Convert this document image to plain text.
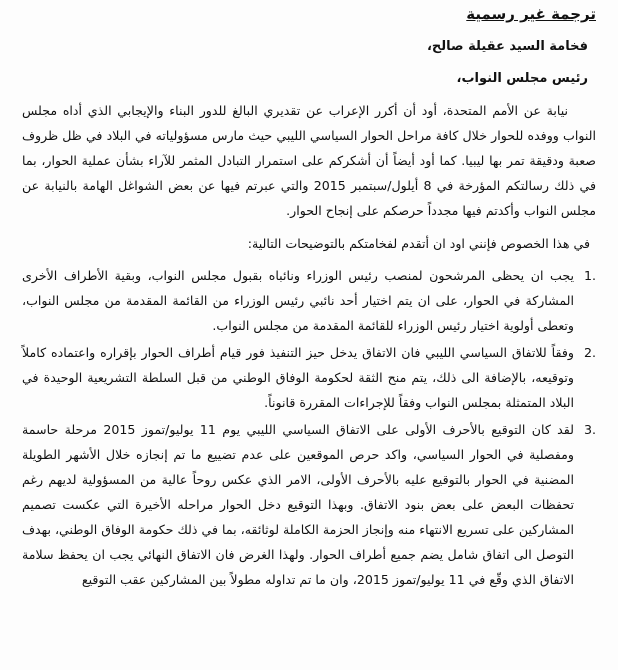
ترجمة غير رسمية
فخامة السيد عقيلة صالح،
رئيس مجلس النواب،

نيابة عن الأمم المتحدة، أود أن أكرر الإعراب عن تقديري البالغ للدور البناء والإيجابي الذي أداه مجلس النواب ووفده للحوار خلال كافة مراحل الحوار السياسي الليبي حيث مارس مسؤولياته في البلاد في ظل ظروف صعبة ودقيقة تمر بها ليبيا. كما أود أيضاً أن أشكركم على استمرار التبادل المثمر للآراء بشأن عملية الحوار، بما في ذلك رسالتكم المؤرخة في 8 أيلول/سبتمبر 2015 والتي عبرتم فيها عن بعض الشواغل الهامة بالنيابة عن مجلس النواب وأكدتم فيها مجدداً حرصكم على إنجاح الحوار.

في هذا الخصوص فإنني اود ان أتقدم لفخامتكم بالتوضيحات التالية:

1.
يجب ان يحظى المرشحون لمنصب رئيس الوزراء ونائباه بقبول مجلس النواب، وبقية الأطراف الأخرى المشاركة في الحوار، على ان يتم اختيار أحد نائبي رئيس الوزراء من القائمة المقدمة من مجلس النواب، وتعطى أولوية اختيار رئيس الوزراء للقائمة المقدمة من مجلس النواب.
2.
وفقاً للاتفاق السياسي الليبي فان الاتفاق يدخل حيز التنفيذ فور قيام أطراف الحوار بإقراره واعتماده كاملاً وتوقيعه، بالإضافة الى ذلك، يتم منح الثقة لحكومة الوفاق الوطني من قبل السلطة التشريعية الوحيدة في البلاد المتمثلة بمجلس النواب وفقاً للإجراءات المقررة قانوناً.
3.
لقد كان التوقيع بالأحرف الأولى على الاتفاق السياسي الليبي يوم 11 يوليو/تموز 2015 مرحلة حاسمة ومفصلية في الحوار السياسي، واكد حرص الموقعين على عدم تضييع ما تم إنجازه خلال الأشهر الطويلة المضنية في الحوار بالتوقيع عليه بالأحرف الأولى، الامر الذي عكس روحاً عالية من المسؤولية لديهم رغم تحفظات البعض على بعض بنود الاتفاق. وبهذا التوقيع دخل الحوار مراحله الأخيرة التي عكست تصميم المشاركين على تسريع الانتهاء منه وإنجاز الحزمة الكاملة لوثائقه، بما في ذلك حكومة الوفاق الوطني، بهدف التوصل الى اتفاق شامل يضم جميع أطراف الحوار. ولهذا الغرض فان الاتفاق النهائي يجب ان يحفظ سلامة الاتفاق الذي وقّع في 11 يوليو/تموز 2015، وان ما تم تداوله مطولاً بين المشاركين عقب التوقيع
